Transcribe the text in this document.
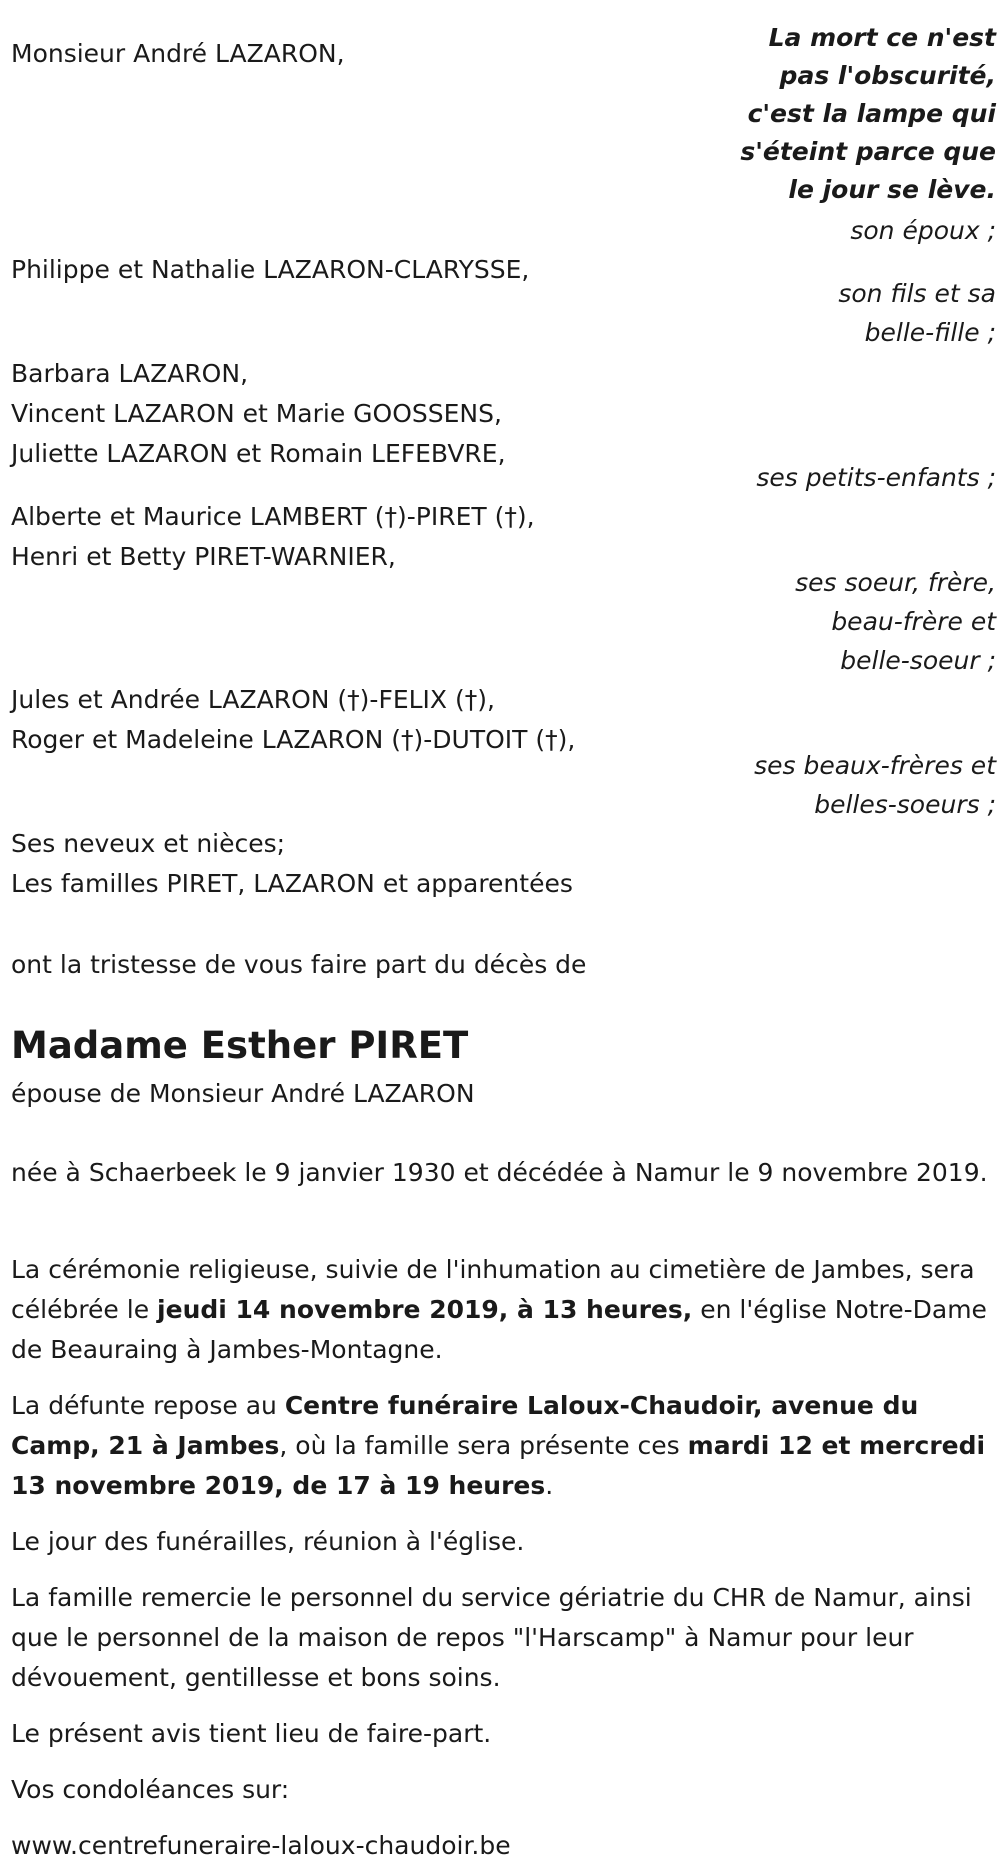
La mort ce n'est

pas l'obscurité,

c'est la lampe qui

s'éteint parce que

le jour se lève.

Monsieur André LAZARON,

son époux ;

Philippe et Nathalie LAZARON-CLARYSSE,

son fils et sa

belle-fille ;

Barbara LAZARON,

Vincent LAZARON et Marie GOOSSENS,

Juliette LAZARON et Romain LEFEBVRE,

ses petits-enfants ;

Alberte et Maurice LAMBERT (†)-PIRET (†),

Henri et Betty PIRET-WARNIER,

ses soeur, frère,

beau-frère et

belle-soeur ;

Jules et Andrée LAZARON (†)-FELIX (†),

Roger et Madeleine LAZARON (†)-DUTOIT (†),

ses beaux-frères et

belles-soeurs ;

Ses neveux et nièces;

Les familles PIRET, LAZARON et apparentées

ont la tristesse de vous faire part du décès de

Madame Esther PIRET

épouse de Monsieur André LAZARON

née à Schaerbeek le 9 janvier 1930 et décédée à Namur le 9 novembre 2019.

La cérémonie religieuse, suivie de l'inhumation au cimetière de Jambes, sera célébrée le jeudi 14 novembre 2019, à 13 heures, en l'église Notre-Dame de Beauraing à Jambes-Montagne.

La défunte repose au Centre funéraire Laloux-Chaudoir, avenue du Camp, 21 à Jambes, où la famille sera présente ces mardi 12 et mercredi 13 novembre 2019, de 17 à 19 heures.

Le jour des funérailles, réunion à l'église.

La famille remercie le personnel du service gériatrie du CHR de Namur, ainsi que le personnel de la maison de repos "l'Harscamp" à Namur pour leur dévouement, gentillesse et bons soins.

Le présent avis tient lieu de faire-part.

Vos condoléances sur:

www.centrefuneraire-laloux-chaudoir.be
